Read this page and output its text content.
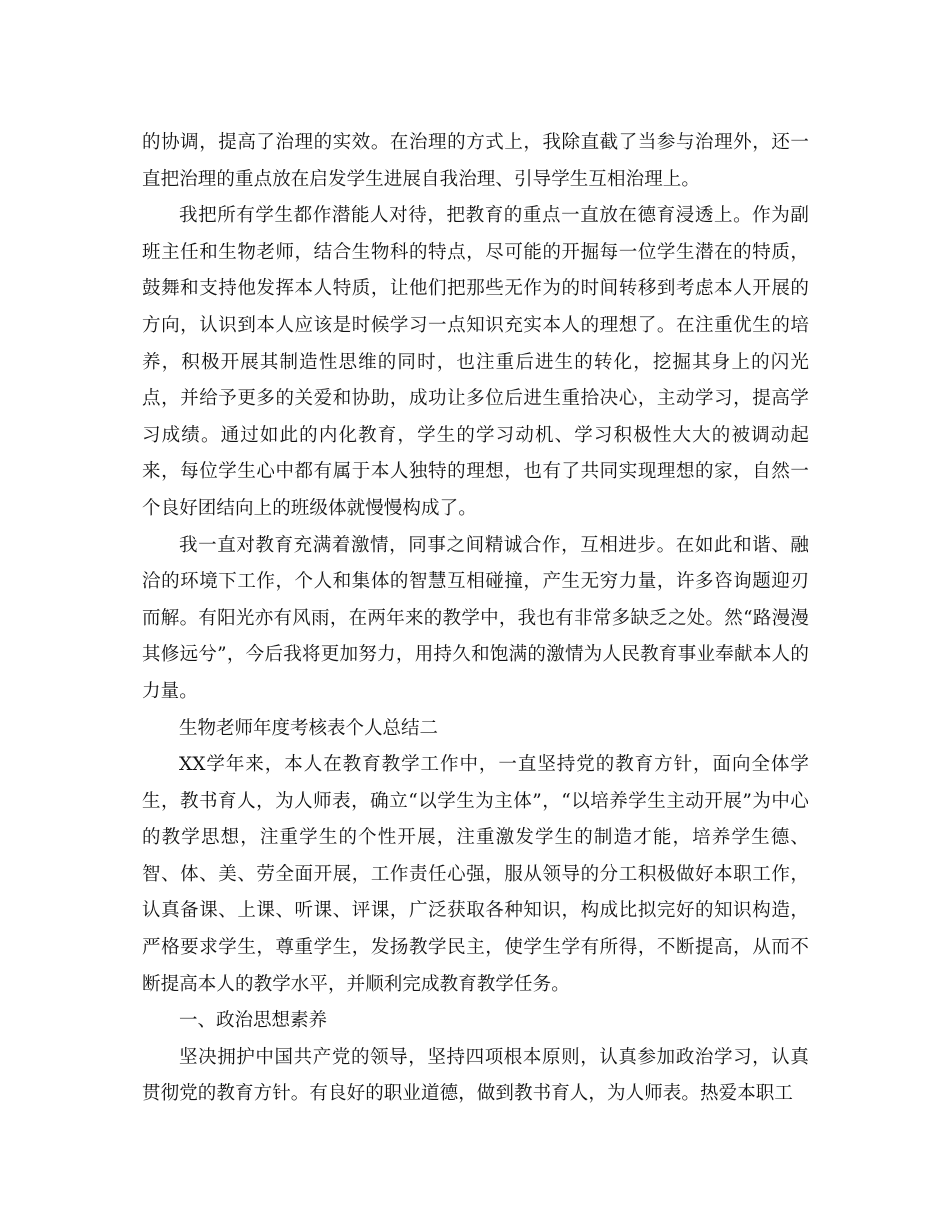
的协调，提高了治理的实效。在治理的方式上，我除直截了当参与治理外，还一直把治理的重点放在启发学生进展自我治理、引导学生互相治理上。

我把所有学生都作潜能人对待，把教育的重点一直放在德育浸透上。作为副班主任和生物老师，结合生物科的特点，尽可能的开掘每一位学生潜在的特质，鼓舞和支持他发挥本人特质，让他们把那些无作为的时间转移到考虑本人开展的方向，认识到本人应该是时候学习一点知识充实本人的理想了。在注重优生的培养，积极开展其制造性思维的同时，也注重后进生的转化，挖掘其身上的闪光点，并给予更多的关爱和协助，成功让多位后进生重拾决心，主动学习，提高学习成绩。通过如此的内化教育，学生的学习动机、学习积极性大大的被调动起来，每位学生心中都有属于本人独特的理想，也有了共同实现理想的家，自然一个良好团结向上的班级体就慢慢构成了。

我一直对教育充满着激情，同事之间精诚合作，互相进步。在如此和谐、融洽的环境下工作，个人和集体的智慧互相碰撞，产生无穷力量，许多咨询题迎刃而解。有阳光亦有风雨，在两年来的教学中，我也有非常多缺乏之处。然“路漫漫其修远兮”，今后我将更加努力，用持久和饱满的激情为人民教育事业奉献本人的力量。

生物老师年度考核表个人总结二

XX学年来，本人在教育教学工作中，一直坚持党的教育方针，面向全体学生，教书育人，为人师表，确立“以学生为主体”，“以培养学生主动开展”为中心的教学思想，注重学生的个性开展，注重激发学生的制造才能，培养学生德、智、体、美、劳全面开展，工作责任心强，服从领导的分工积极做好本职工作，认真备课、上课、听课、评课，广泛获取各种知识，构成比拟完好的知识构造，严格要求学生，尊重学生，发扬教学民主，使学生学有所得，不断提高，从而不断提高本人的教学水平，并顺利完成教育教学任务。

一、政治思想素养

坚决拥护中国共产党的领导，坚持四项根本原则，认真参加政治学习，认真贯彻党的教育方针。有良好的职业道德，做到教书育人，为人师表。热爱本职工
